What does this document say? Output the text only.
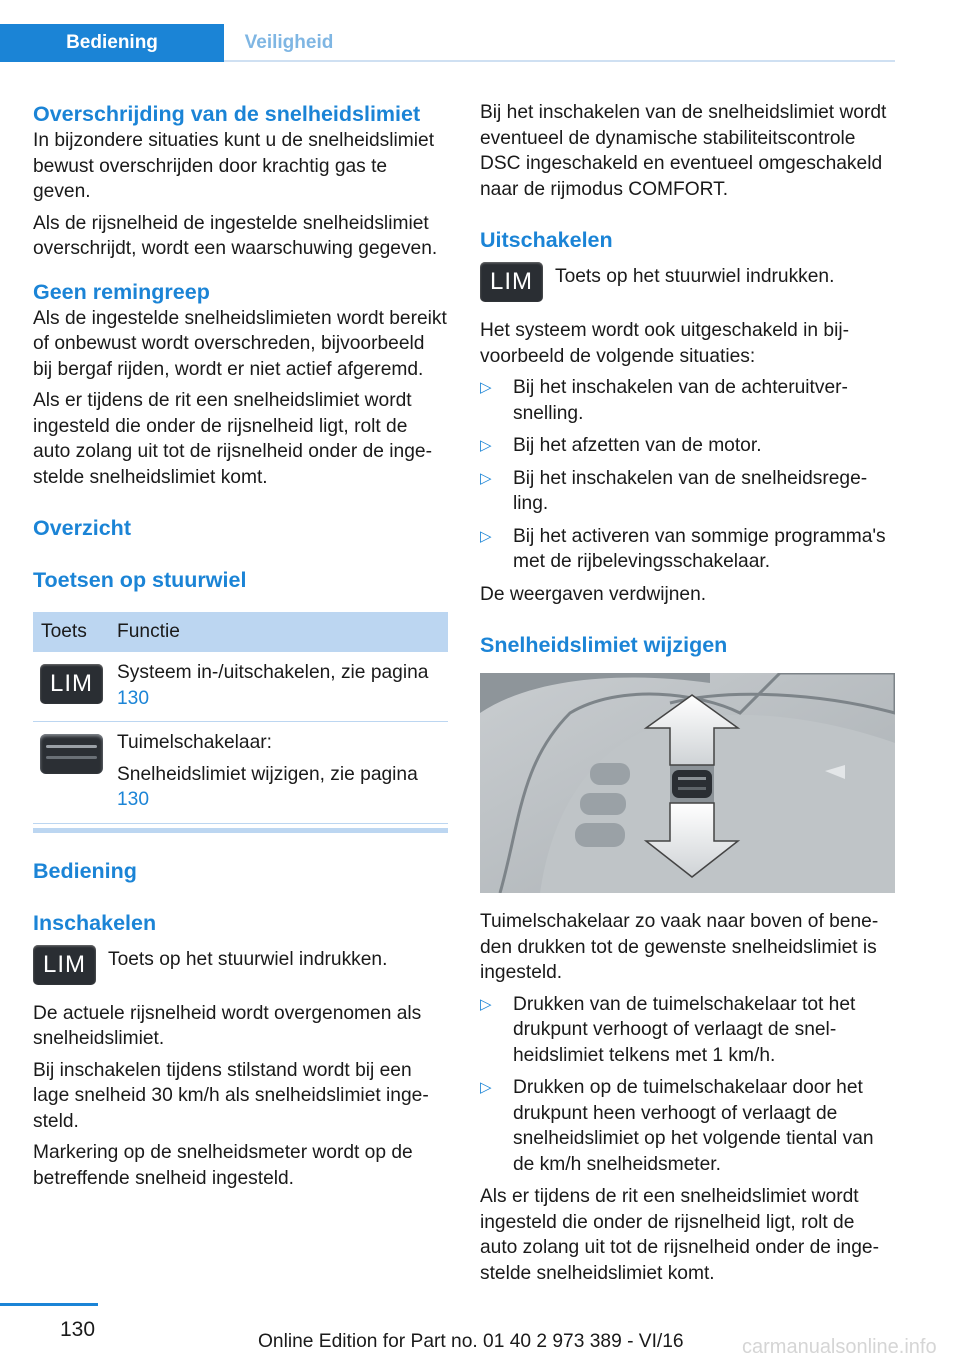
Bediening	Veiligheid
Overschrijding van de snelheidslimiet

In bijzondere situaties kunt u de snelheidslimiet bewust overschrijden door krachtig gas te geven.

Als de rijsnelheid de ingestelde snelheidslimiet overschrijdt, wordt een waarschuwing gegeven.

Geen remingreep

Als de ingestelde snelheidslimieten wordt bereikt of onbewust wordt overschreden, bijvoorbeeld bij bergaf rijden, wordt er niet actief afgeremd.

Als er tijdens de rit een snelheidslimiet wordt ingesteld die onder de rijsnelheid ligt, rolt de auto zolang uit tot de rijsnelheid onder de ingestelde snelheidslimiet komt.

Overzicht
Toetsen op stuurwiel
Toets	Functie
LIM	Systeem in-/uitschakelen, zie pagina 130

Tuimelschakelaar:

Snelheidslimiet wijzigen, zie pagina 130

Bediening
Inschakelen
LIM	Toets op het stuurwiel indrukken.

De actuele rijsnelheid wordt overgenomen als snelheidslimiet.

Bij inschakelen tijdens stilstand wordt bij een lage snelheid 30 km/h als snelheidslimiet ingesteld.

Markering op de snelheidsmeter wordt op de betreffende snelheid ingesteld.

Bij het inschakelen van de snelheidslimiet wordt eventueel de dynamische stabiliteitscontrole DSC ingeschakeld en eventueel omgeschakeld naar de rijmodus COMFORT.

Uitschakelen
LIM	Toets op het stuurwiel indrukken.

Het systeem wordt ook uitgeschakeld in bijvoorbeeld de volgende situaties:

▷ Bij het inschakelen van de achteruitversnelling.
▷ Bij het afzetten van de motor.
▷ Bij het inschakelen van de snelheidsregeling.
▷ Bij het activeren van sommige programma's met de rijbelevingsschakelaar.

De weergaven verdwijnen.

Snelheidslimiet wijzigen

Tuimelschakelaar zo vaak naar boven of beneden drukken tot de gewenste snelheidslimiet is ingesteld.

▷ Drukken van de tuimelschakelaar tot het drukpunt verhoogt of verlaagt de snelheidslimiet telkens met 1 km/h.
▷ Drukken op de tuimelschakelaar door het drukpunt heen verhoogt of verlaagt de snelheidslimiet op het volgende tiental van de km/h snelheidsmeter.

Als er tijdens de rit een snelheidslimiet wordt ingesteld die onder de rijsnelheid ligt, rolt de auto zolang uit tot de rijsnelheid onder de ingestelde snelheidslimiet komt.

130
Online Edition for Part no. 01 40 2 973 389 - VI/16	carmanualsonline.info
